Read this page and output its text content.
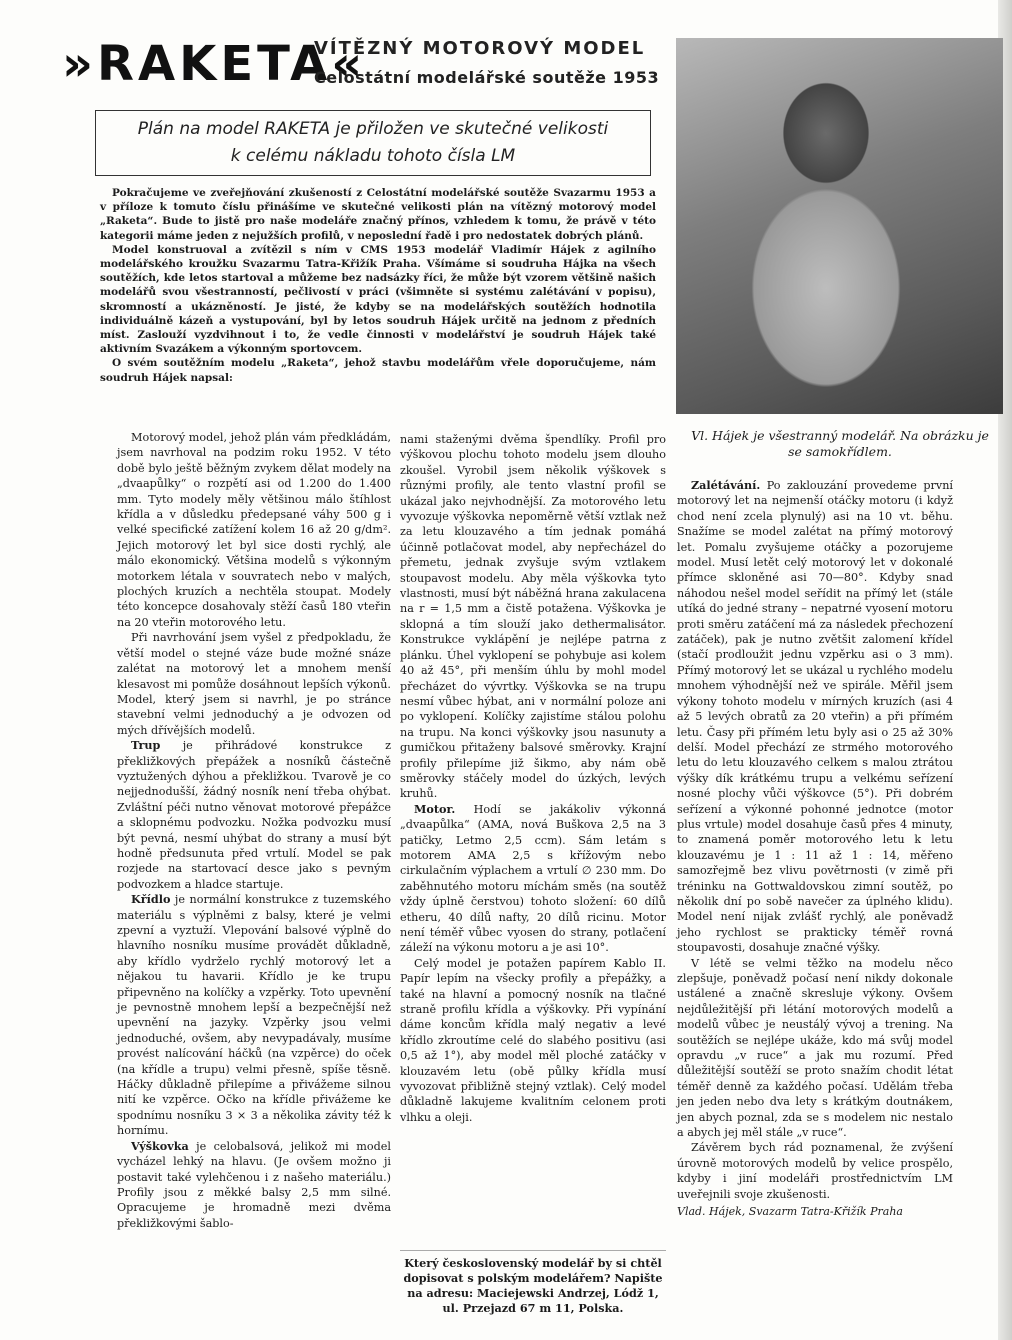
»RAKETA«
VÍTĚZNÝ MOTOROVÝ MODEL
Celostátní modelářské soutěže 1953
Plán na model RAKETA je přiložen ve skutečné velikosti
k celému nákladu tohoto čísla LM
Vl. Hájek je všestranný modelář. Na obrázku je se samokřídlem.

Pokračujeme ve zveřejňování zkušeností z Celostátní modelářské soutěže Svazarmu 1953 a v příloze k tomuto číslu přinášíme ve skutečné velikosti plán na vítězný motorový model „Raketa“. Bude to jistě pro naše modeláře značný přínos, vzhledem k tomu, že právě v této kategorii máme jeden z nejužších profilů, v neposlední řadě i pro nedostatek dobrých plánů.

Model konstruoval a zvítězil s ním v CMS 1953 modelář Vladimír Hájek z agilního modelářského kroužku Svazarmu Tatra-Křižík Praha. Všímáme si soudruha Hájka na všech soutěžích, kde letos startoval a můžeme bez nadsázky říci, že může být vzorem většině našich modelářů svou všestranností, pečlivostí v práci (všimněte si systému zalétávání v popisu), skromností a ukázněností. Je jisté, že kdyby se na modelářských soutěžích hodnotila individuálně kázeň a vystupování, byl by letos soudruh Hájek určitě na jednom z předních míst. Zaslouží vyzdvihnout i to, že vedle činnosti v modelářství je soudruh Hájek také aktivním Svazákem a výkonným sportovcem.

O svém soutěžním modelu „Raketa“, jehož stavbu modelářům vřele doporučujeme, nám soudruh Hájek napsal:

Motorový model, jehož plán vám předkládám, jsem navrhoval na podzim roku 1952. V této době bylo ještě běžným zvykem dělat modely na „dvaapůlky“ o rozpětí asi od 1.200 do 1.400 mm. Tyto modely měly většinou málo štíhlost křídla a v důsledku předepsané váhy 500 g i velké specifické zatížení kolem 16 až 20 g/dm². Jejich motorový let byl sice dosti rychlý, ale málo ekonomický. Většina modelů s výkonným motorkem létala v souvratech nebo v malých, plochých kruzích a nechtěla stoupat. Modely této koncepce dosahovaly stěží časů 180 vteřin na 20 vteřin motorového letu.

Při navrhování jsem vyšel z předpokladu, že větší model o stejné váze bude možné snáze zalétat na motorový let a mnohem menší klesavost mi pomůže dosáhnout lepších výkonů. Model, který jsem si navrhl, je po stránce stavební velmi jednoduchý a je odvozen od mých dřívějších modelů.

Trup je přihrádové konstrukce z překližkových přepážek a nosníků částečně vyztužených dýhou a překližkou. Tvarově je co nejjednodušší, žádný nosník není třeba ohýbat. Zvláštní péči nutno věnovat motorové přepážce a sklopnému podvozku. Nožka podvozku musí být pevná, nesmí uhýbat do strany a musí být hodně předsunuta před vrtulí. Model se pak rozjede na startovací desce jako s pevným podvozkem a hladce startuje.

Křídlo je normální konstrukce z tuzemského materiálu s výplněmi z balsy, které je velmi zpevní a vyztuží. Vlepování balsové výplně do hlavního nosníku musíme provádět důkladně, aby křídlo vydrželo rychlý motorový let a nějakou tu havarii. Křídlo je ke trupu připevněno na kolíčky a vzpěrky. Toto upevnění je pevnostně mnohem lepší a bezpečnější než upevnění na jazyky. Vzpěrky jsou velmi jednoduché, ovšem, aby nevypadávaly, musíme provést nalícování háčků (na vzpěrce) do oček (na křídle a trupu) velmi přesně, spíše těsně. Háčky důkladně přilepíme a přivážeme silnou nití ke vzpěrce. Očko na křídle přivážeme ke spodnímu nosníku 3 × 3 a několika závity též k hornímu.

Výškovka je celobalsová, jelikož mi model vycházel lehký na hlavu. (Je ovšem možno ji postavit také vylehčenou i z našeho materiálu.) Profily jsou z měkké balsy 2,5 mm silné. Opracujeme je hromadně mezi dvěma překližkovými šablo-

nami staženými dvěma špendlíky. Profil pro výškovou plochu tohoto modelu jsem dlouho zkoušel. Vyrobil jsem několik výškovek s různými profily, ale tento vlastní profil se ukázal jako nejvhodnější. Za motorového letu vyvozuje výškovka nepoměrně větší vztlak než za letu klouzavého a tím jednak pomáhá účinně potlačovat model, aby nepřecházel do přemetu, jednak zvyšuje svým vztlakem stoupavost modelu. Aby měla výškovka tyto vlastnosti, musí být náběžná hrana zakulacena na r = 1,5 mm a čistě potažena. Výškovka je sklopná a tím slouží jako dethermalisátor. Konstrukce vyklápění je nejlépe patrna z plánku. Úhel vyklopení se pohybuje asi kolem 40 až 45°, při menším úhlu by mohl model přecházet do vývrtky. Výškovka se na trupu nesmí vůbec hýbat, ani v normální poloze ani po vyklopení. Kolíčky zajistíme stálou polohu na trupu. Na konci výškovky jsou nasunuty a gumičkou přitaženy balsové směrovky. Krajní profily přilepíme již šikmo, aby nám obě směrovky stáčely model do úzkých, levých kruhů.

Motor. Hodí se jakákoliv výkonná „dvaapůlka“ (AMA, nová Buškova 2,5 na 3 patičky, Letmo 2,5 ccm). Sám letám s motorem AMA 2,5 s křížovým nebo cirkulačním výplachem a vrtulí ∅ 230 mm. Do zaběhnutého motoru míchám směs (na soutěž vždy úplně čerstvou) tohoto složení: 60 dílů etheru, 40 dílů nafty, 20 dílů ricinu. Motor není téměř vůbec vyosen do strany, potlačení záleží na výkonu motoru a je asi 10°.

Celý model je potažen papírem Kablo II. Papír lepím na všecky profily a přepážky, a také na hlavní a pomocný nosník na tlačné straně profilu křídla a výškovky. Při vypínání dáme koncům křídla malý negativ a levé křídlo zkroutíme celé do slabého positivu (asi 0,5 až 1°), aby model měl ploché zatáčky v klouzavém letu (obě půlky křídla musí vyvozovat přibližně stejný vztlak). Celý model důkladně lakujeme kvalitním celonem proti vlhku a oleji.

Který československý modelář by si chtěl dopisovat s polským modelářem? Napište na adresu: Maciejewski Andrzej, Lódž 1, ul. Przejazd 67 m 11, Polska.

Zalétávání. Po zaklouzání provedeme první motorový let na nejmenší otáčky motoru (i když chod není zcela plynulý) asi na 10 vt. běhu. Snažíme se model zalétat na přímý motorový let. Pomalu zvyšujeme otáčky a pozorujeme model. Musí letět celý motorový let v dokonalé přímce skloněné asi 70—80°. Kdyby snad náhodou nešel model seřídit na přímý let (stále utíká do jedné strany – nepatrné vyosení motoru proti směru zatáčení má za následek přechození zatáček), pak je nutno zvětšit zalomení křídel (stačí prodloužit jednu vzpěrku asi o 3 mm). Přímý motorový let se ukázal u rychlého modelu mnohem výhodnější než ve spirále. Měřil jsem výkony tohoto modelu v mírných kruzích (asi 4 až 5 levých obratů za 20 vteřin) a při přímém letu. Časy při přímém letu byly asi o 25 až 30% delší. Model přechází ze strmého motorového letu do letu klouzavého celkem s malou ztrátou výšky dík krátkému trupu a velkému seřízení nosné plochy vůči výškovce (5°). Při dobrém seřízení a výkonné pohonné jednotce (motor plus vrtule) model dosahuje časů přes 4 minuty, to znamená poměr motorového letu k letu klouzavému je 1 : 11 až 1 : 14, měřeno samozřejmě bez vlivu povětrnosti (v zimě při tréninku na Gottwaldovskou zimní soutěž, po několik dní po sobě navečer za úplného klidu). Model není nijak zvlášť rychlý, ale poněvadž jeho rychlost se prakticky téměř rovná stoupavosti, dosahuje značné výšky.

V létě se velmi těžko na modelu něco zlepšuje, poněvadž počasí není nikdy dokonale ustálené a značně skresluje výkony. Ovšem nejdůležitější při létání motorových modelů a modelů vůbec je neustálý vývoj a trening. Na soutěžích se nejlépe ukáže, kdo má svůj model opravdu „v ruce“ a jak mu rozumí. Před důležitější soutěží se proto snažím chodit létat téměř denně za každého počasí. Udělám třeba jen jeden nebo dva lety s krátkým doutnákem, jen abych poznal, zda se s modelem nic nestalo a abych jej měl stále „v ruce“.

Závěrem bych rád poznamenal, že zvýšení úrovně motorových modelů by velice prospělo, kdyby i jiní modeláři prostřednictvím LM uveřejnili svoje zkušenosti.

Vlad. Hájek, Svazarm Tatra-Křižík Praha
